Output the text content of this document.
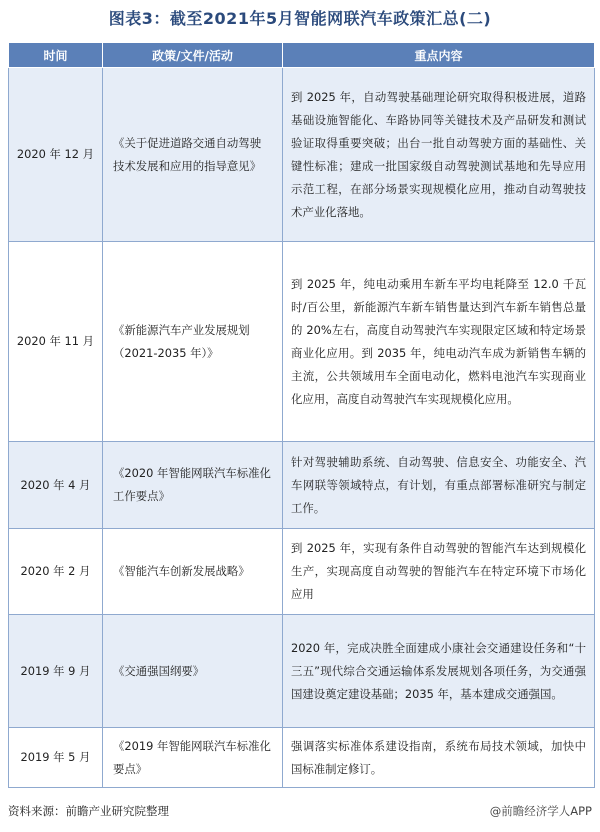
图表3：截至2021年5月智能网联汽车政策汇总(二)
时间	政策/文件/活动	重点内容
2020 年 12 月	《关于促进道路交通自动驾驶技术发展和应用的指导意见》	到 2025 年，自动驾驶基础理论研究取得积极进展，道路基础设施智能化、车路协同等关键技术及产品研发和测试验证取得重要突破；出台一批自动驾驶方面的基础性、关键性标准；建成一批国家级自动驾驶测试基地和先导应用示范工程，在部分场景实现规模化应用，推动自动驾驶技术产业化落地。
2020 年 11 月	《新能源汽车产业发展规划（2021-2035 年）》	到 2025 年，纯电动乘用车新车平均电耗降至 12.0 千瓦时/百公里，新能源汽车新车销售量达到汽车新车销售总量的 20%左右，高度自动驾驶汽车实现限定区域和特定场景商业化应用。到 2035 年，纯电动汽车成为新销售车辆的主流，公共领域用车全面电动化，燃料电池汽车实现商业化应用，高度自动驾驶汽车实现规模化应用。
2020 年 4 月	《2020 年智能网联汽车标准化工作要点》	针对驾驶辅助系统、自动驾驶、信息安全、功能安全、汽车网联等领域特点，有计划，有重点部署标准研究与制定工作。
2020 年 2 月	《智能汽车创新发展战略》	到 2025 年，实现有条件自动驾驶的智能汽车达到规模化生产，实现高度自动驾驶的智能汽车在特定环境下市场化应用
2019 年 9 月	《交通强国纲要》	2020 年，完成决胜全面建成小康社会交通建设任务和“十三五”现代综合交通运输体系发展规划各项任务，为交通强国建设奠定建设基础；2035 年，基本建成交通强国。
2019 年 5 月	《2019 年智能网联汽车标准化要点》	强调落实标准体系建设指南，系统布局技术领域，加快中国标准制定修订。
资料来源：前瞻产业研究院整理	@前瞻经济学人APP
